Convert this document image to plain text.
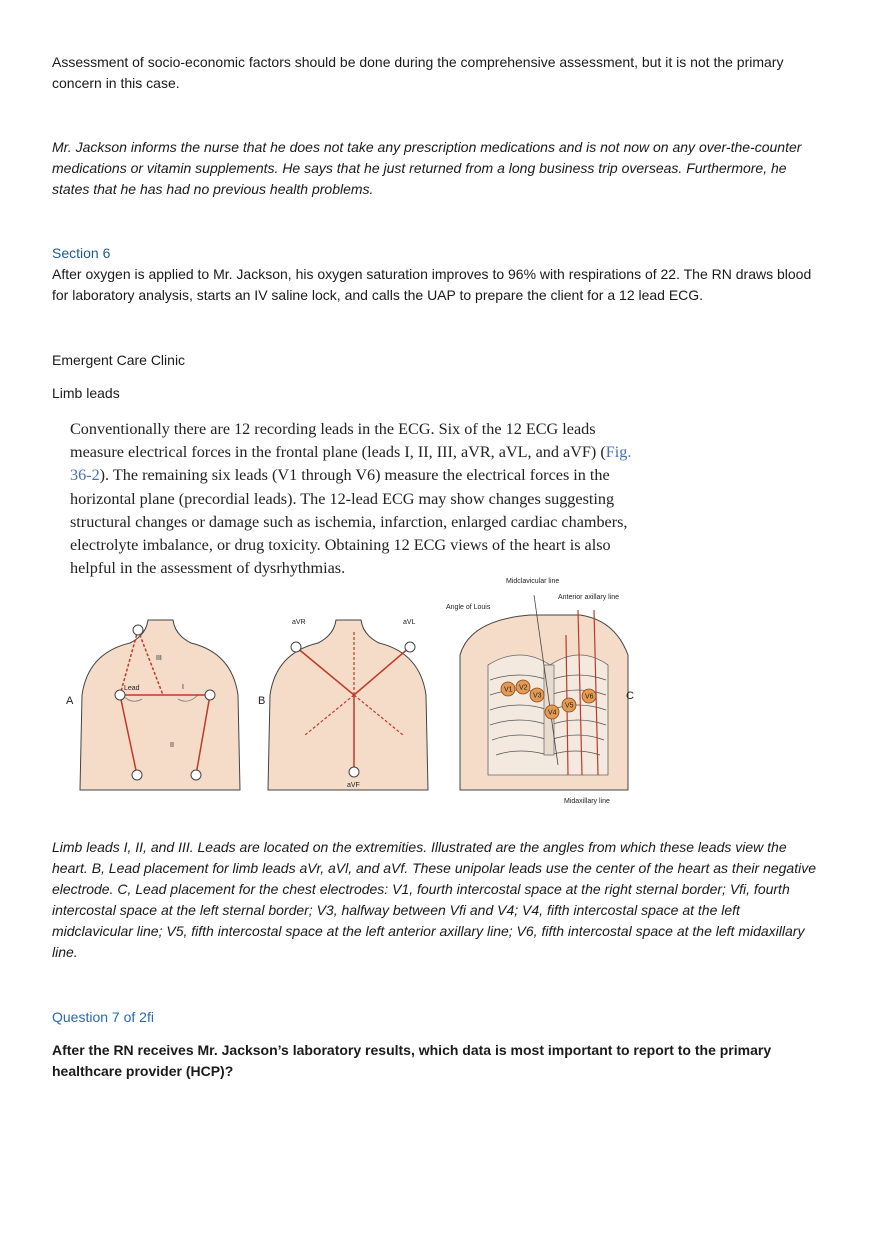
Assessment of socio-economic factors should be done during the comprehensive assessment, but it is not the primary concern in this case.
Mr. Jackson informs the nurse that he does not take any prescription medications and is not now on any over-the-counter medications or vitamin supplements. He says that he just returned from a long business trip overseas. Furthermore, he states that he has had no previous health problems.
Section 6
After oxygen is applied to Mr. Jackson, his oxygen saturation improves to 96% with respirations of 22. The RN draws blood for laboratory analysis, starts an IV saline lock, and calls the UAP to prepare the client for a 12 lead ECG.
Emergent Care Clinic
Limb leads
Conventionally there are 12 recording leads in the ECG. Six of the 12 ECG leads measure electrical forces in the frontal plane (leads I, II, III, aVR, aVL, and aVF) (Fig. 36-2). The remaining six leads (V1 through V6) measure the electrical forces in the horizontal plane (precordial leads). The 12-lead ECG may show changes suggesting structural changes or damage such as ischemia, infarction, enlarged cardiac chambers, electrolyte imbalance, or drug toxicity. Obtaining 12 ECG views of the heart is also helpful in the assessment of dysrhythmias.
A
Lead	I
II
III
B
aVR	aVL
aVF
C
Midclavicular line
Angle of Louis
Anterior axillary line
Midaxillary line
V1 V2
V3
V4
V5
V6
Limb leads I, II, and III. Leads are located on the extremities. Illustrated are the angles from which these leads view the heart. B, Lead placement for limb leads aVr, aVl, and aVf. These unipolar leads use the center of the heart as their negative electrode. C, Lead placement for the chest electrodes: V1, fourth intercostal space at the right sternal border; Vfi, fourth intercostal space at the left sternal border; V3, halfway between Vfi and V4; V4, fifth intercostal space at the left midclavicular line; V5, fifth intercostal space at the left anterior axillary line; V6, fifth intercostal space at the left midaxillary line.
Question 7 of 2fi
After the RN receives Mr. Jackson’s laboratory results, which data is most important to report to the primary healthcare provider (HCP)?
